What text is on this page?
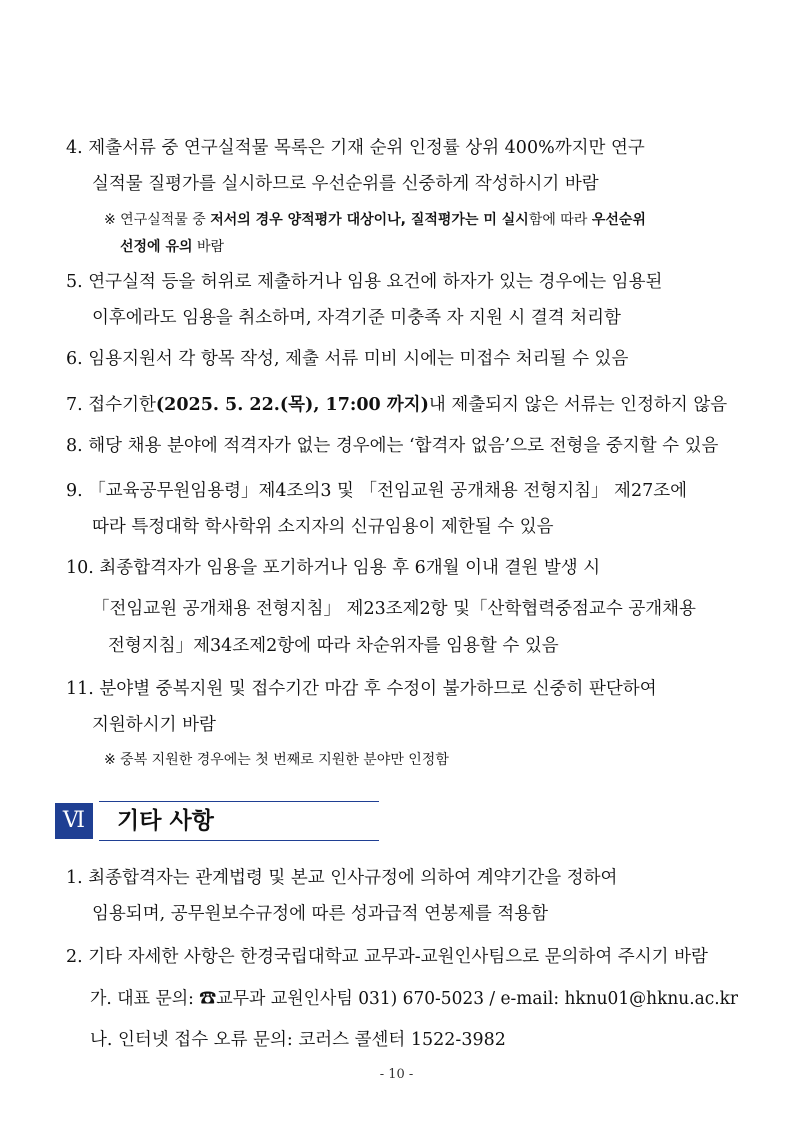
4. 제출서류 중 연구실적물 목록은 기재 순위 인정률 상위 400%까지만 연구
실적물 질평가를 실시하므로 우선순위를 신중하게 작성하시기 바람
※ 연구실적물 중 저서의 경우 양적평가 대상이나, 질적평가는 미 실시함에 따라 우선순위
선정에 유의 바람
5. 연구실적 등을 허위로 제출하거나 임용 요건에 하자가 있는 경우에는 임용된
이후에라도 임용을 취소하며, 자격기준 미충족 자 지원 시 결격 처리함
6. 임용지원서 각 항목 작성, 제출 서류 미비 시에는 미접수 처리될 수 있음
7. 접수기한(2025. 5. 22.(목), 17:00 까지)내 제출되지 않은 서류는 인정하지 않음
8. 해당 채용 분야에 적격자가 없는 경우에는 ‘합격자 없음’으로 전형을 중지할 수 있음
9. 「교육공무원임용령」제4조의3 및 「전임교원 공개채용 전형지침」 제27조에
따라 특정대학 학사학위 소지자의 신규임용이 제한될 수 있음
10. 최종합격자가 임용을 포기하거나 임용 후 6개월 이내 결원 발생 시
「전임교원 공개채용 전형지침」 제23조제2항 및「산학협력중점교수 공개채용
전형지침」제34조제2항에 따라 차순위자를 임용할 수 있음
11. 분야별 중복지원 및 접수기간 마감 후 수정이 불가하므로 신중히 판단하여
지원하시기 바람
※ 중복 지원한 경우에는 첫 번째로 지원한 분야만 인정함
Ⅵ	기타 사항
1. 최종합격자는 관계법령 및 본교 인사규정에 의하여 계약기간을 정하여
임용되며, 공무원보수규정에 따른 성과급적 연봉제를 적용함
2. 기타 자세한 사항은 한경국립대학교 교무과-교원인사팀으로 문의하여 주시기 바람
가. 대표 문의: ☎교무과 교원인사팀 031) 670-5023 / e-mail: hknu01@hknu.ac.kr
나. 인터넷 접수 오류 문의: 코러스 콜센터 1522-3982
- 10 -
